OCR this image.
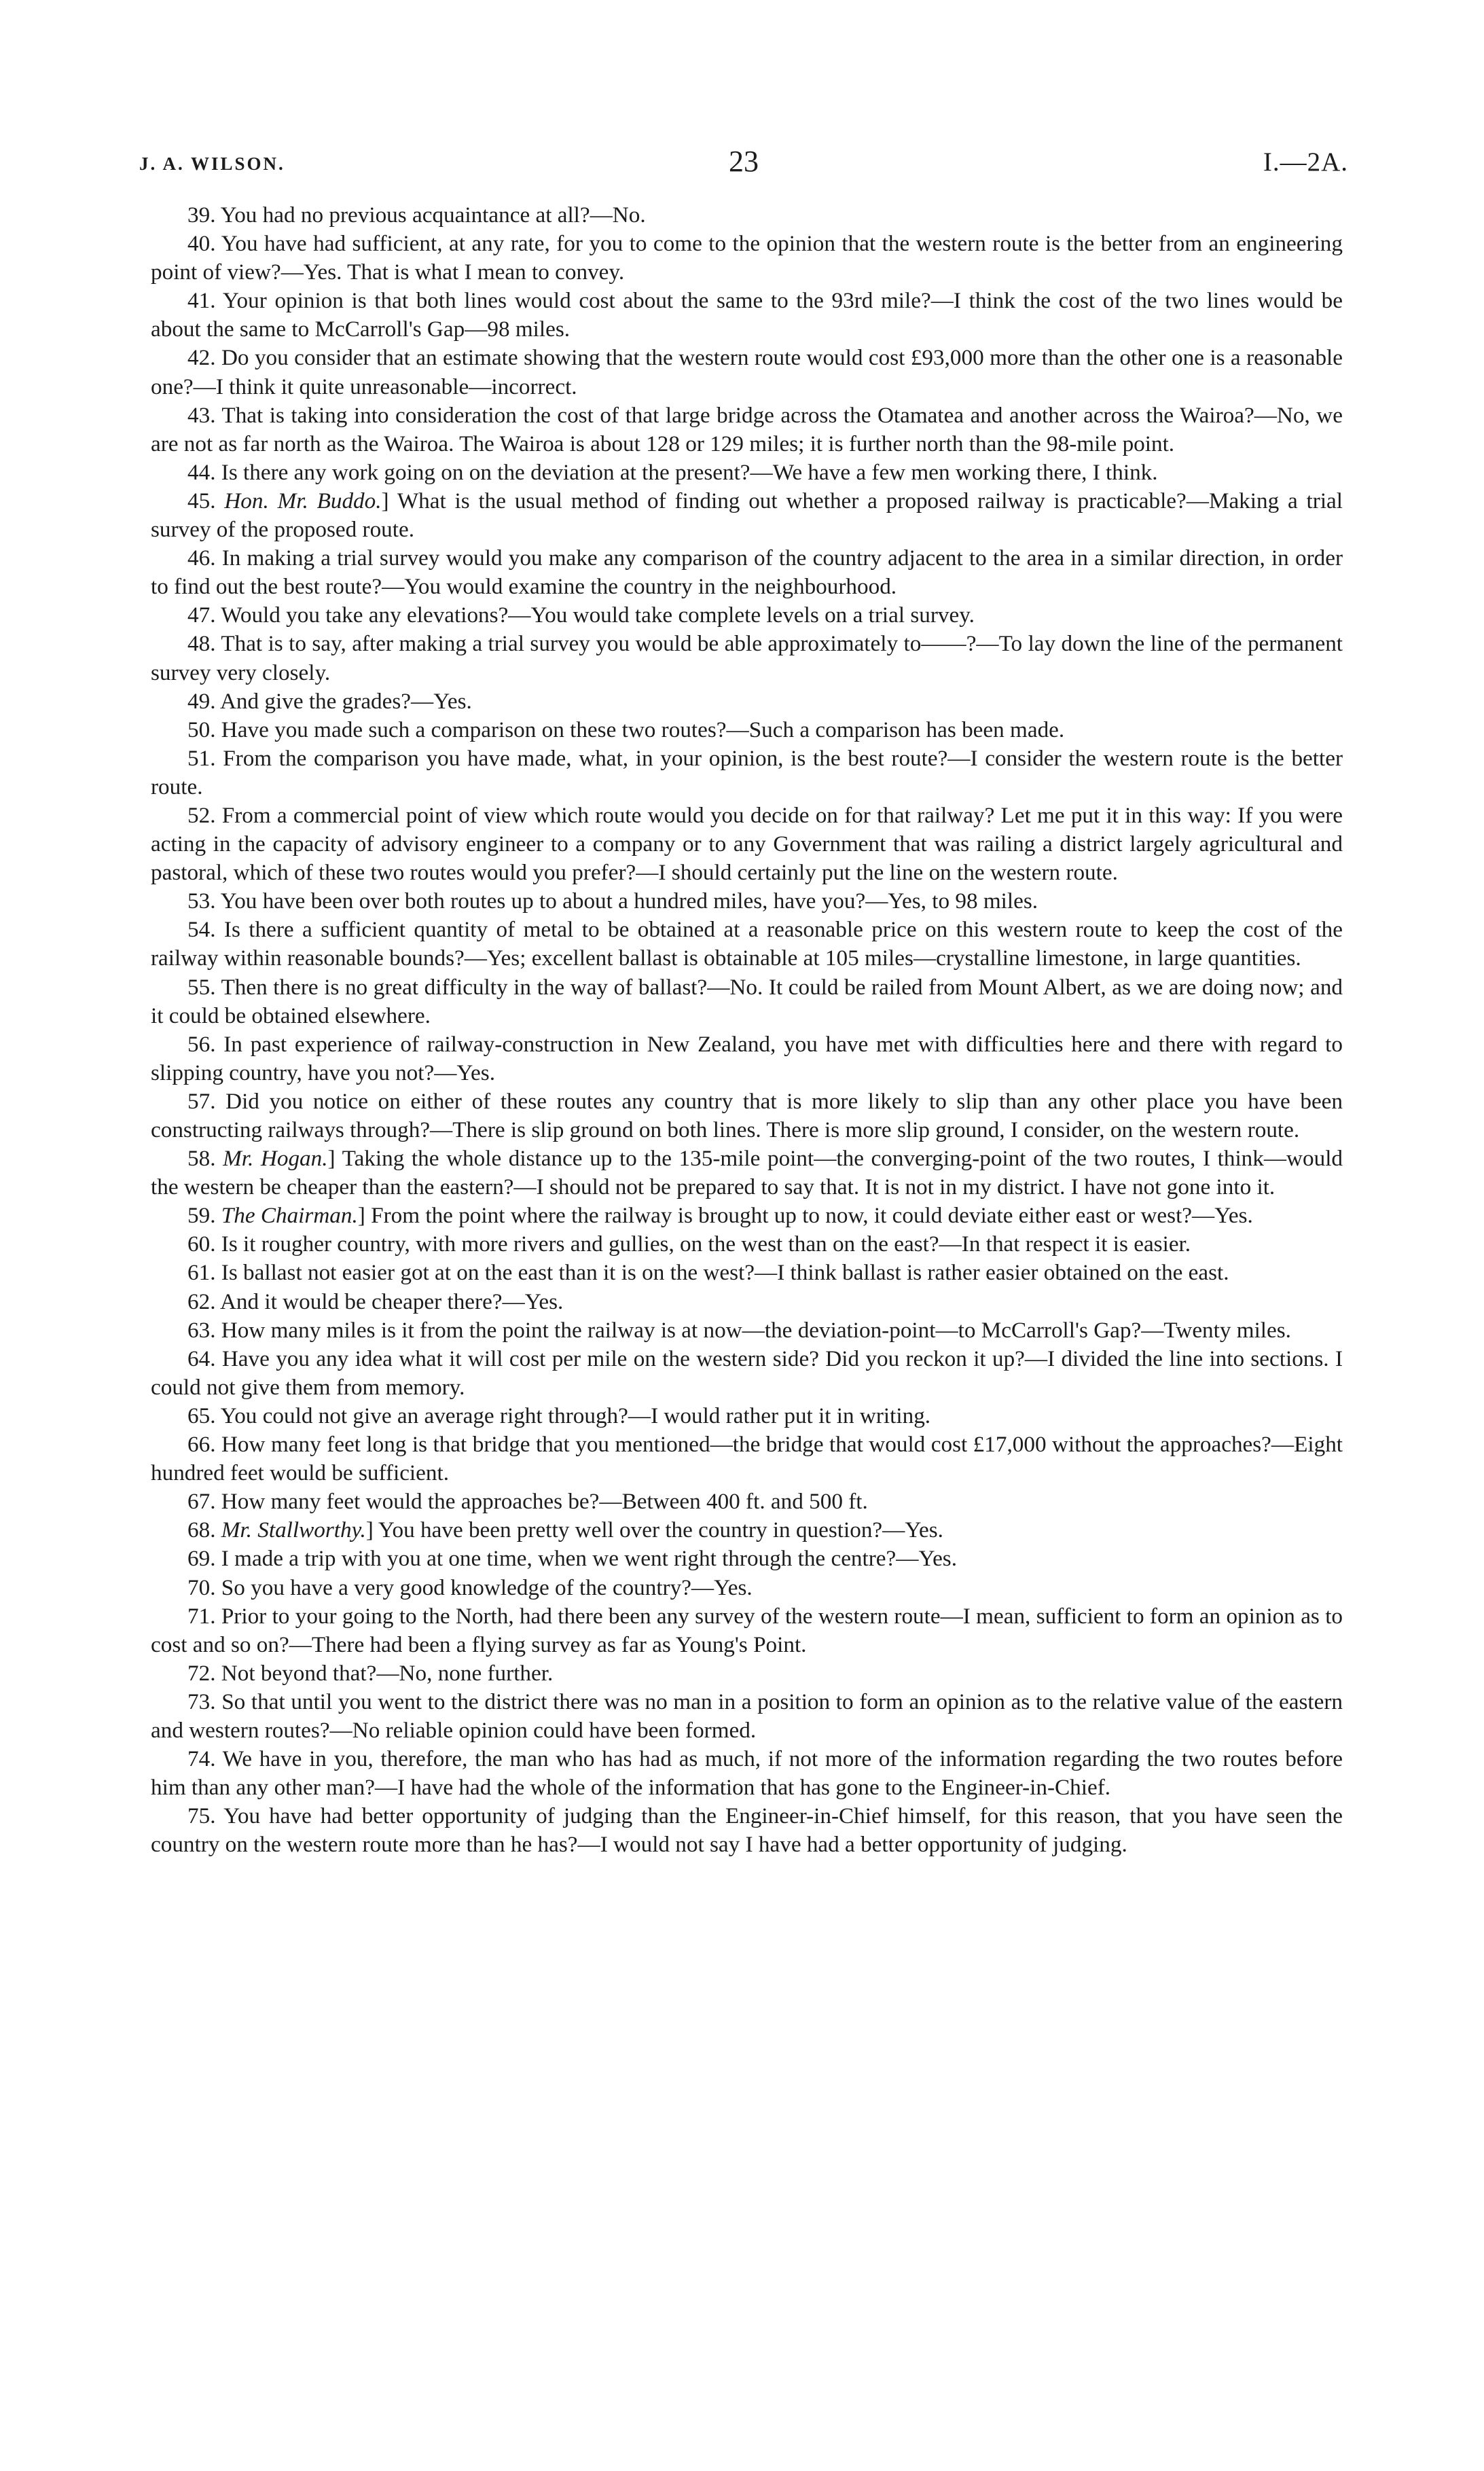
J. A. WILSON.	23	I.—2A.

39. You had no previous acquaintance at all?—No.

40. You have had sufficient, at any rate, for you to come to the opinion that the western route is the better from an engineering point of view?—Yes. That is what I mean to convey.

41. Your opinion is that both lines would cost about the same to the 93rd mile?—I think the cost of the two lines would be about the same to McCarroll's Gap—98 miles.

42. Do you consider that an estimate showing that the western route would cost £93,000 more than the other one is a reasonable one?—I think it quite unreasonable—incorrect.

43. That is taking into consideration the cost of that large bridge across the Otamatea and another across the Wairoa?—No, we are not as far north as the Wairoa. The Wairoa is about 128 or 129 miles; it is further north than the 98-mile point.

44. Is there any work going on on the deviation at the present?—We have a few men working there, I think.

45. Hon. Mr. Buddo.] What is the usual method of finding out whether a proposed railway is practicable?—Making a trial survey of the proposed route.

46. In making a trial survey would you make any comparison of the country adjacent to the area in a similar direction, in order to find out the best route?—You would examine the country in the neighbourhood.

47. Would you take any elevations?—You would take complete levels on a trial survey.

48. That is to say, after making a trial survey you would be able approximately to——?—To lay down the line of the permanent survey very closely.

49. And give the grades?—Yes.

50. Have you made such a comparison on these two routes?—Such a comparison has been made.

51. From the comparison you have made, what, in your opinion, is the best route?—I consider the western route is the better route.

52. From a commercial point of view which route would you decide on for that railway? Let me put it in this way: If you were acting in the capacity of advisory engineer to a company or to any Government that was railing a district largely agricultural and pastoral, which of these two routes would you prefer?—I should certainly put the line on the western route.

53. You have been over both routes up to about a hundred miles, have you?—Yes, to 98 miles.

54. Is there a sufficient quantity of metal to be obtained at a reasonable price on this western route to keep the cost of the railway within reasonable bounds?—Yes; excellent ballast is obtainable at 105 miles—crystalline limestone, in large quantities.

55. Then there is no great difficulty in the way of ballast?—No. It could be railed from Mount Albert, as we are doing now; and it could be obtained elsewhere.

56. In past experience of railway-construction in New Zealand, you have met with difficulties here and there with regard to slipping country, have you not?—Yes.

57. Did you notice on either of these routes any country that is more likely to slip than any other place you have been constructing railways through?—There is slip ground on both lines. There is more slip ground, I consider, on the western route.

58. Mr. Hogan.] Taking the whole distance up to the 135-mile point—the converging-point of the two routes, I think—would the western be cheaper than the eastern?—I should not be prepared to say that. It is not in my district. I have not gone into it.

59. The Chairman.] From the point where the railway is brought up to now, it could deviate either east or west?—Yes.

60. Is it rougher country, with more rivers and gullies, on the west than on the east?—In that respect it is easier.

61. Is ballast not easier got at on the east than it is on the west?—I think ballast is rather easier obtained on the east.

62. And it would be cheaper there?—Yes.

63. How many miles is it from the point the railway is at now—the deviation-point—to McCarroll's Gap?—Twenty miles.

64. Have you any idea what it will cost per mile on the western side? Did you reckon it up?—I divided the line into sections. I could not give them from memory.

65. You could not give an average right through?—I would rather put it in writing.

66. How many feet long is that bridge that you mentioned—the bridge that would cost £17,000 without the approaches?—Eight hundred feet would be sufficient.

67. How many feet would the approaches be?—Between 400 ft. and 500 ft.

68. Mr. Stallworthy.] You have been pretty well over the country in question?—Yes.

69. I made a trip with you at one time, when we went right through the centre?—Yes.

70. So you have a very good knowledge of the country?—Yes.

71. Prior to your going to the North, had there been any survey of the western route—I mean, sufficient to form an opinion as to cost and so on?—There had been a flying survey as far as Young's Point.

72. Not beyond that?—No, none further.

73. So that until you went to the district there was no man in a position to form an opinion as to the relative value of the eastern and western routes?—No reliable opinion could have been formed.

74. We have in you, therefore, the man who has had as much, if not more of the information regarding the two routes before him than any other man?—I have had the whole of the information that has gone to the Engineer-in-Chief.

75. You have had better opportunity of judging than the Engineer-in-Chief himself, for this reason, that you have seen the country on the western route more than he has?—I would not say I have had a better opportunity of judging.
